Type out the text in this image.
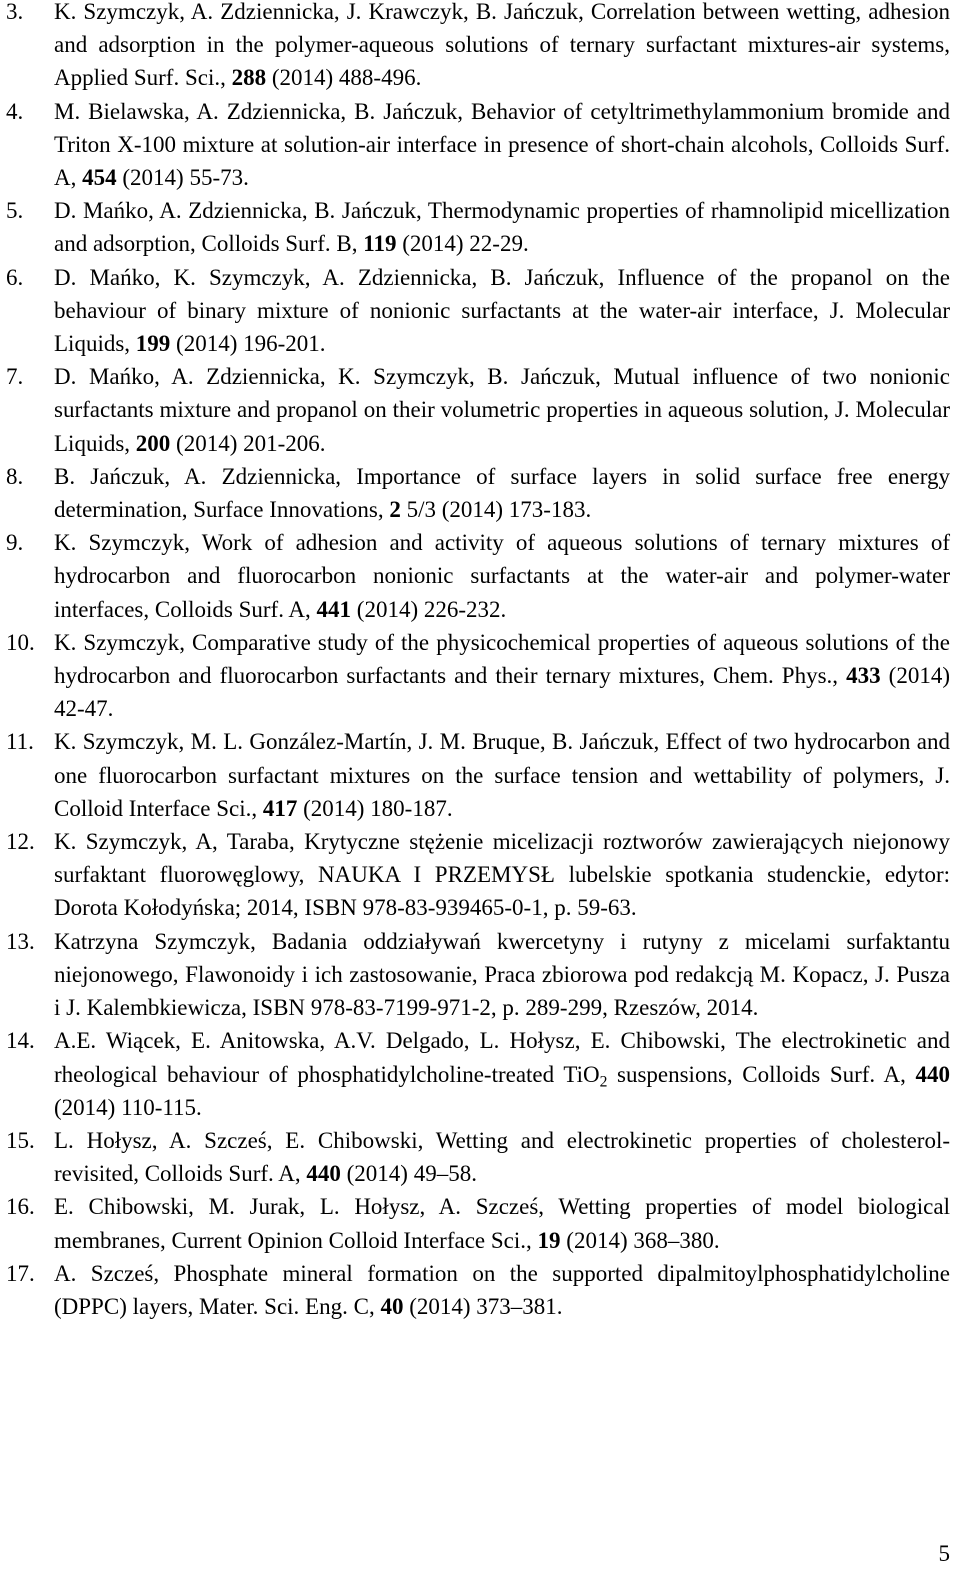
3.	K. Szymczyk, A. Zdziennicka, J. Krawczyk, B. Jańczuk, Correlation between wetting, adhesion and adsorption in the polymer-aqueous solutions of ternary surfactant mixtures-air systems, Applied Surf. Sci., 288 (2014) 488-496.
4.	M. Bielawska, A. Zdziennicka, B. Jańczuk, Behavior of cetyltrimethylammonium bromide and Triton X-100 mixture at solution-air interface in presence of short-chain alcohols, Colloids Surf. A, 454 (2014) 55-73.
5.	D. Mańko, A. Zdziennicka, B. Jańczuk, Thermodynamic properties of rhamnolipid micellization and adsorption, Colloids Surf. B, 119 (2014) 22-29.
6.	D. Mańko, K. Szymczyk, A. Zdziennicka, B. Jańczuk, Influence of the propanol on the behaviour of binary mixture of nonionic surfactants at the water-air interface, J. Molecular Liquids, 199 (2014) 196-201.
7.	D. Mańko, A. Zdziennicka, K. Szymczyk, B. Jańczuk, Mutual influence of two nonionic surfactants mixture and propanol on their volumetric properties in aqueous solution, J. Molecular Liquids, 200 (2014) 201-206.
8.	B. Jańczuk, A. Zdziennicka, Importance of surface layers in solid surface free energy determination, Surface Innovations, 2 5/3 (2014) 173-183.
9.	K. Szymczyk, Work of adhesion and activity of aqueous solutions of ternary mixtures of hydrocarbon and fluorocarbon nonionic surfactants at the water-air and polymer-water interfaces, Colloids Surf. A, 441 (2014) 226-232.
10. K. Szymczyk, Comparative study of the physicochemical properties of aqueous solutions of the hydrocarbon and fluorocarbon surfactants and their ternary mixtures, Chem. Phys., 433 (2014) 42-47.
11. K. Szymczyk, M. L. González-Martín, J. M. Bruque, B. Jańczuk, Effect of two hydrocarbon and one fluorocarbon surfactant mixtures on the surface tension and wettability of polymers, J. Colloid Interface Sci., 417 (2014) 180-187.
12. K. Szymczyk, A, Taraba, Krytyczne stężenie micelizacji roztworów zawierających niejonowy surfaktant fluorowęglowy, NAUKA I PRZEMYSŁ lubelskie spotkania studenckie, edytor: Dorota Kołodyńska; 2014, ISBN 978-83-939465-0-1, p. 59-63.
13. Katrzyna Szymczyk, Badania oddziaływań kwercetyny i rutyny z micelami surfaktantu niejonowego, Flawonoidy i ich zastosowanie, Praca zbiorowa pod redakcją M. Kopacz, J. Pusza i J. Kalembkiewicza, ISBN 978-83-7199-971-2, p. 289-299, Rzeszów, 2014.
14. A.E. Wiącek, E. Anitowska, A.V. Delgado, L. Hołysz, E. Chibowski, The electrokinetic and rheological behaviour of phosphatidylcholine-treated TiO$_2$ suspensions, Colloids Surf. A, 440 (2014) 110-115.
15. L. Hołysz, A. Szcześ, E. Chibowski, Wetting and electrokinetic properties of cholesterol-revisited, Colloids Surf. A, 440 (2014) 49–58.
16. E. Chibowski, M. Jurak, L. Hołysz, A. Szcześ, Wetting properties of model biological membranes, Current Opinion Colloid Interface Sci., 19 (2014) 368–380.
17. A. Szcześ, Phosphate mineral formation on the supported dipalmitoylphosphatidylcholine (DPPC) layers, Mater. Sci. Eng. C, 40 (2014) 373–381.
5
